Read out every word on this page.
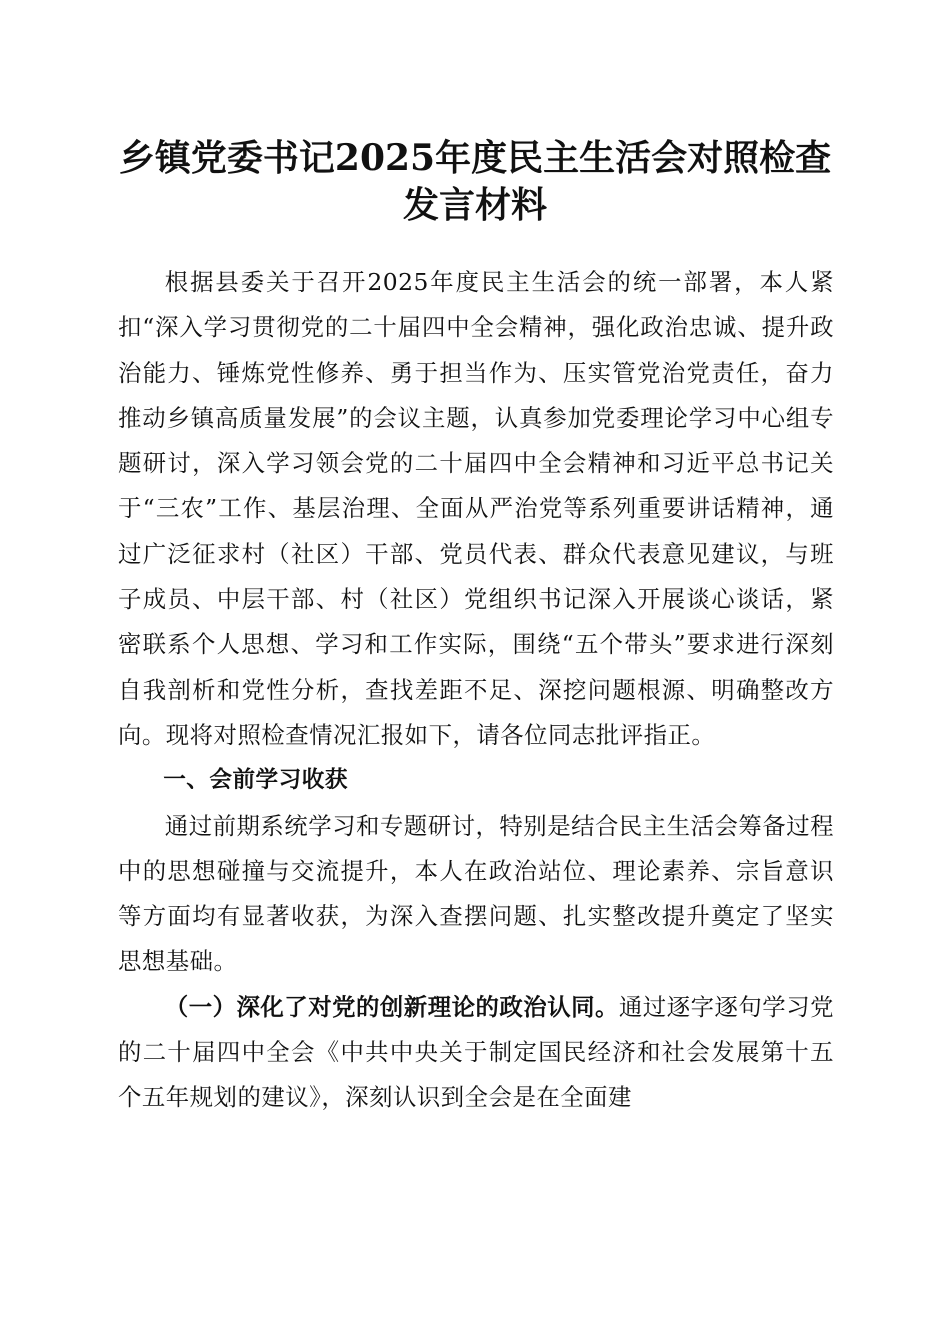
乡镇党委书记2025年度民主生活会对照检查
发言材料

根据县委关于召开2025年度民主生活会的统一部署，本人紧扣“深入学习贯彻党的二十届四中全会精神，强化政治忠诚、提升政治能力、锤炼党性修养、勇于担当作为、压实管党治党责任，奋力推动乡镇高质量发展”的会议主题，认真参加党委理论学习中心组专题研讨，深入学习领会党的二十届四中全会精神和习近平总书记关于“三农”工作、基层治理、全面从严治党等系列重要讲话精神，通过广泛征求村（社区）干部、党员代表、群众代表意见建议，与班子成员、中层干部、村（社区）党组织书记深入开展谈心谈话，紧密联系个人思想、学习和工作实际，围绕“五个带头”要求进行深刻自我剖析和党性分析，查找差距不足、深挖问题根源、明确整改方向。现将对照检查情况汇报如下，请各位同志批评指正。

一、会前学习收获

通过前期系统学习和专题研讨，特别是结合民主生活会筹备过程中的思想碰撞与交流提升，本人在政治站位、理论素养、宗旨意识等方面均有显著收获，为深入查摆问题、扎实整改提升奠定了坚实思想基础。

（一）深化了对党的创新理论的政治认同。通过逐字逐句学习党的二十届四中全会《中共中央关于制定国民经济和社会发展第十五个五年规划的建议》，深刻认识到全会是在全面建
